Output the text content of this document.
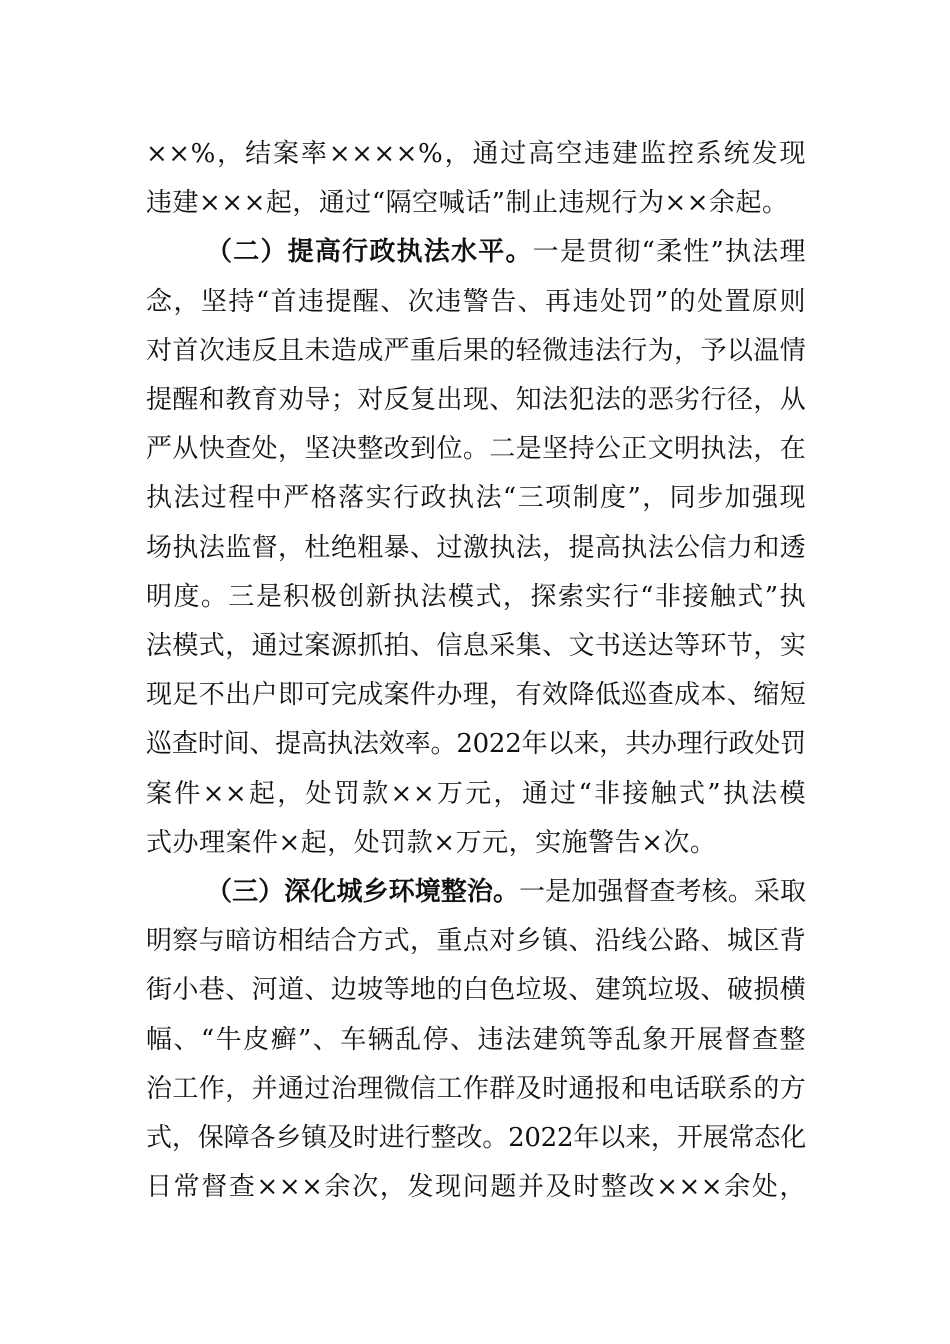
××%，结案率××××%，通过高空违建监控系统发现
违建×××起，通过“隔空喊话”制止违规行为××余起。
（二）提高行政执法水平。一是贯彻“柔性”执法理
念，坚持“首违提醒、次违警告、再违处罚”的处置原则
对首次违反且未造成严重后果的轻微违法行为，予以温情
提醒和教育劝导；对反复出现、知法犯法的恶劣行径，从
严从快查处，坚决整改到位。二是坚持公正文明执法，在
执法过程中严格落实行政执法“三项制度”，同步加强现
场执法监督，杜绝粗暴、过激执法，提高执法公信力和透
明度。三是积极创新执法模式，探索实行“非接触式”执
法模式，通过案源抓拍、信息采集、文书送达等环节，实
现足不出户即可完成案件办理，有效降低巡查成本、缩短
巡查时间、提高执法效率。2022年以来，共办理行政处罚
案件××起，处罚款××万元，通过“非接触式”执法模
式办理案件×起，处罚款×万元，实施警告×次。
（三）深化城乡环境整治。一是加强督查考核。采取
明察与暗访相结合方式，重点对乡镇、沿线公路、城区背
街小巷、河道、边坡等地的白色垃圾、建筑垃圾、破损横
幅、“牛皮癣”、车辆乱停、违法建筑等乱象开展督查整
治工作，并通过治理微信工作群及时通报和电话联系的方
式，保障各乡镇及时进行整改。2022年以来，开展常态化
日常督查×××余次，发现问题并及时整改×××余处，
